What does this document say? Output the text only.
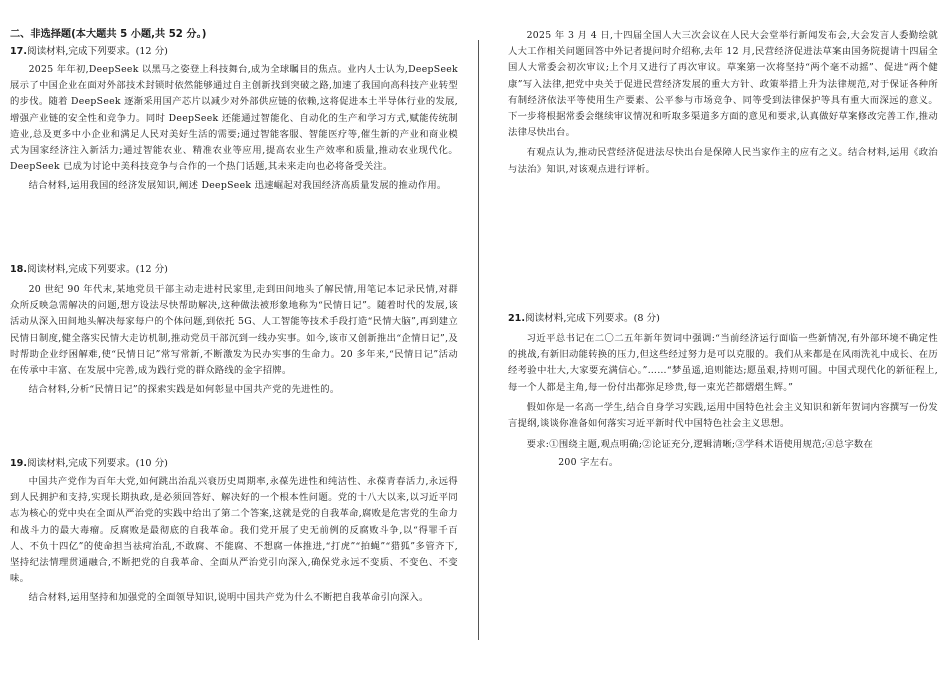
二、非选择题(本大题共 5 小题,共 52 分。)
17.阅读材料,完成下列要求。(12 分)

2025 年年初,DeepSeek 以黑马之姿登上科技舞台,成为全球瞩目的焦点。业内人士认为,DeepSeek 展示了中国企业在面对外部技术封锁时依然能够通过自主创新找到突破之路,加速了我国向高科技产业转型的步伐。随着 DeepSeek 逐渐采用国产芯片以减少对外部供应链的依赖,这将促进本土半导体行业的发展,增强产业链的安全性和竞争力。同时 DeepSeek 还能通过智能化、自动化的生产和学习方式,赋能传统制造业,总及更多中小企业和满足人民对美好生活的需要;通过智能客服、智能医疗等,催生新的产业和商业模式为国家经济注入新活力;通过智能农业、精准农业等应用,提高农业生产效率和质量,推动农业现代化。DeepSeek 已成为讨论中美科技竞争与合作的一个热门话题,其未来走向也必将备受关注。

结合材料,运用我国的经济发展知识,阐述 DeepSeek 迅速崛起对我国经济高质量发展的推动作用。

18.阅读材料,完成下列要求。(12 分)

20 世纪 90 年代末,某地党员干部主动走进村民家里,走到田间地头了解民情,用笔记本记录民情,对群众所反映急需解决的问题,想方设法尽快帮助解决,这种做法被形象地称为“民情日记”。随着时代的发展,该活动从深入田间地头解决每家每户的个体问题,到依托 5G、人工智能等技术手段打造“民情大脑”,再到建立民情日制度,健全落实民情大走访机制,推动党员干部沉到一线办实事。如今,该市又创新推出“企情日记”,及时帮助企业纾困解难,使“民情日记”常写常新,不断激发为民办实事的生命力。20 多年来,“民情日记”活动在传承中丰富、在发展中完善,成为践行党的群众路线的金字招牌。

结合材料,分析“民情日记”的探索实践是如何彰显中国共产党的先进性的。

19.阅读材料,完成下列要求。(10 分)

中国共产党作为百年大党,如何跳出治乱兴衰历史周期率,永葆先进性和纯洁性、永葆青春活力,永远得到人民拥护和支持,实现长期执政,是必须回答好、解决好的一个根本性问题。党的十八大以来,以习近平同志为核心的党中央在全面从严治党的实践中给出了第二个答案,这就是党的自我革命,腐败是危害党的生命力和战斗力的最大毒瘤。反腐败是最彻底的自我革命。我们党开展了史无前例的反腐败斗争,以“得罪千百人、不负十四亿”的使命担当祛疴治乱,不敢腐、不能腐、不想腐一体推进,“打虎”“拍蝇”“猎狐”多管齐下,坚持纪法情理贯通融合,不断把党的自我革命、全面从严治党引向深入,确保党永远不变质、不变色、不变味。

结合材料,运用坚持和加强党的全面领导知识,说明中国共产党为什么不断把自我革命引向深入。

2025 年 3 月 4 日,十四届全国人大三次会议在人民大会堂举行新闻发布会,大会发言人委勤绘就人大工作相关问题回答中外记者提问时介绍称,去年 12 月,民营经济促进法草案由国务院提请十四届全国人大常委会初次审议;上个月又进行了再次审议。草案第一次将坚持“两个毫不动摇”、促进“两个健康”写入法律,把党中央关于促进民营经济发展的重大方针、政策举措上升为法律规范,对于保证各种所有制经济依法平等使用生产要素、公平参与市场竞争、同等受到法律保护等具有重大而深远的意义。下一步将根据常委会继续审议情况和听取多渠道多方面的意见和要求,认真做好草案修改完善工作,推动法律尽快出台。

有观点认为,推动民营经济促进法尽快出台是保障人民当家作主的应有之义。结合材料,运用《政治与法治》知识,对该观点进行评析。

21.阅读材料,完成下列要求。(8 分)

习近平总书记在二〇二五年新年贺词中强调:“当前经济运行面临一些新情况,有外部环境不确定性的挑战,有新旧动能转换的压力,但这些经过努力是可以克服的。我们从来都是在风雨洗礼中成长、在历经考验中壮大,大家要充满信心。”……“梦虽遥,追则能达;愿虽艰,持则可圆。中国式现代化的新征程上,每一个人都是主角,每一份付出都弥足珍贵,每一束光芒都熠熠生辉。”

假如你是一名高一学生,结合自身学习实践,运用中国特色社会主义知识和新年贺词内容撰写一份发言提纲,谈谈你准备如何落实习近平新时代中国特色社会主义思想。

要求:①围绕主题,观点明确;②论证充分,逻辑清晰;③学科术语使用规范;④总字数在
200 字左右。
